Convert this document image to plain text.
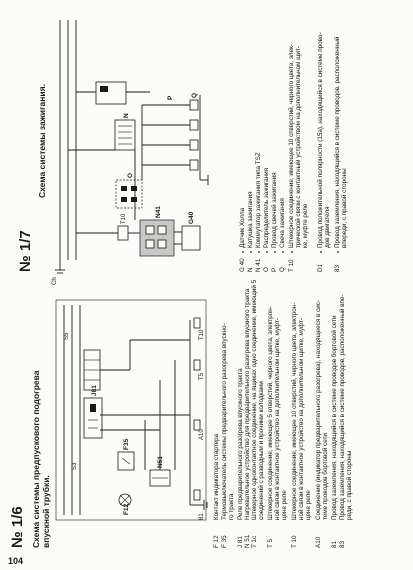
№ 1/6 Схема системы предпускового подогрева впускной трубки.
J81
N51
F35
F12
T10
T5
A10
81
S5
S3
F 12
Контакт индикатора стартера
F 35
Термовыключатель системы предварительного разогрева впускно- го тракта
J 81
Реле предварительного разогрева впускного тракта
N 51
Нагревательное устройство для предварительного разогрева впускного тракта
T 1c
Штекерное одноконтактное соединение, на ящиках одно соединение, имеющий 5 соединений с разводным и прочими колодками
T 5
Штекерное соединение, имеющее 5 отверстий, черного цвета, электрон- ной связи в контактное устройство на дополнительном щитке, муфт- цене реле
T 10
Штекерное соединение, имеющее 10 отверстий, черного цвета, электрон- ной связи в контактное устройство на дополнительном щитке, муфт- цене реле
A10
Соединение (индикатор предварительного разогрева), находящееся в сис- теме проводов бортовой сети
81
Провод заземления, находящийся в системе проводов бортовой сети
83
Провод заземления, находящийся в системе проводов, расположенный впе- реди, с правой стороны
№ 1/7
Схема системы зажигания.	N
O
N41	G40
P	Q
Ch
T10
G 40
Датчик Холла
N
Катушка зажигания
N 41
Коммутатор зажигания типа TSZ
O
Распределитель зажигания
P
Провод свечей зажигания
Q
Свеча зажигания
T 10
Штекерное соединение, имеющее 10 отверстий, черного цвета, элек- трической связи с контактным устройством на дополнительном щит- ке, муфте реле
D1
Провод положительной полярности (15а), находящийся в системе прово- дов двигателя
83
Провод заземления, находящийся в системе проводов, расположенный впереди, с правой стороны
104
